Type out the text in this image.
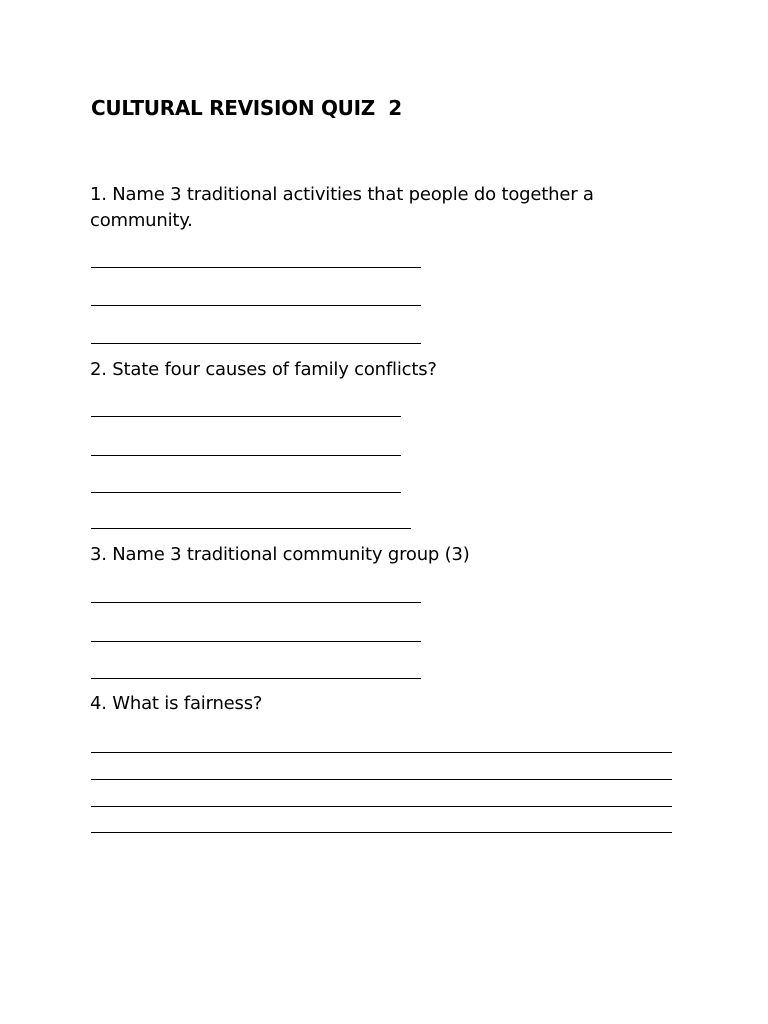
CULTURAL REVISION QUIZ  2
1. Name 3 traditional activities that people do together a community.
2. State four causes of family conflicts?
3. Name 3 traditional community group (3)
4. What is fairness?
